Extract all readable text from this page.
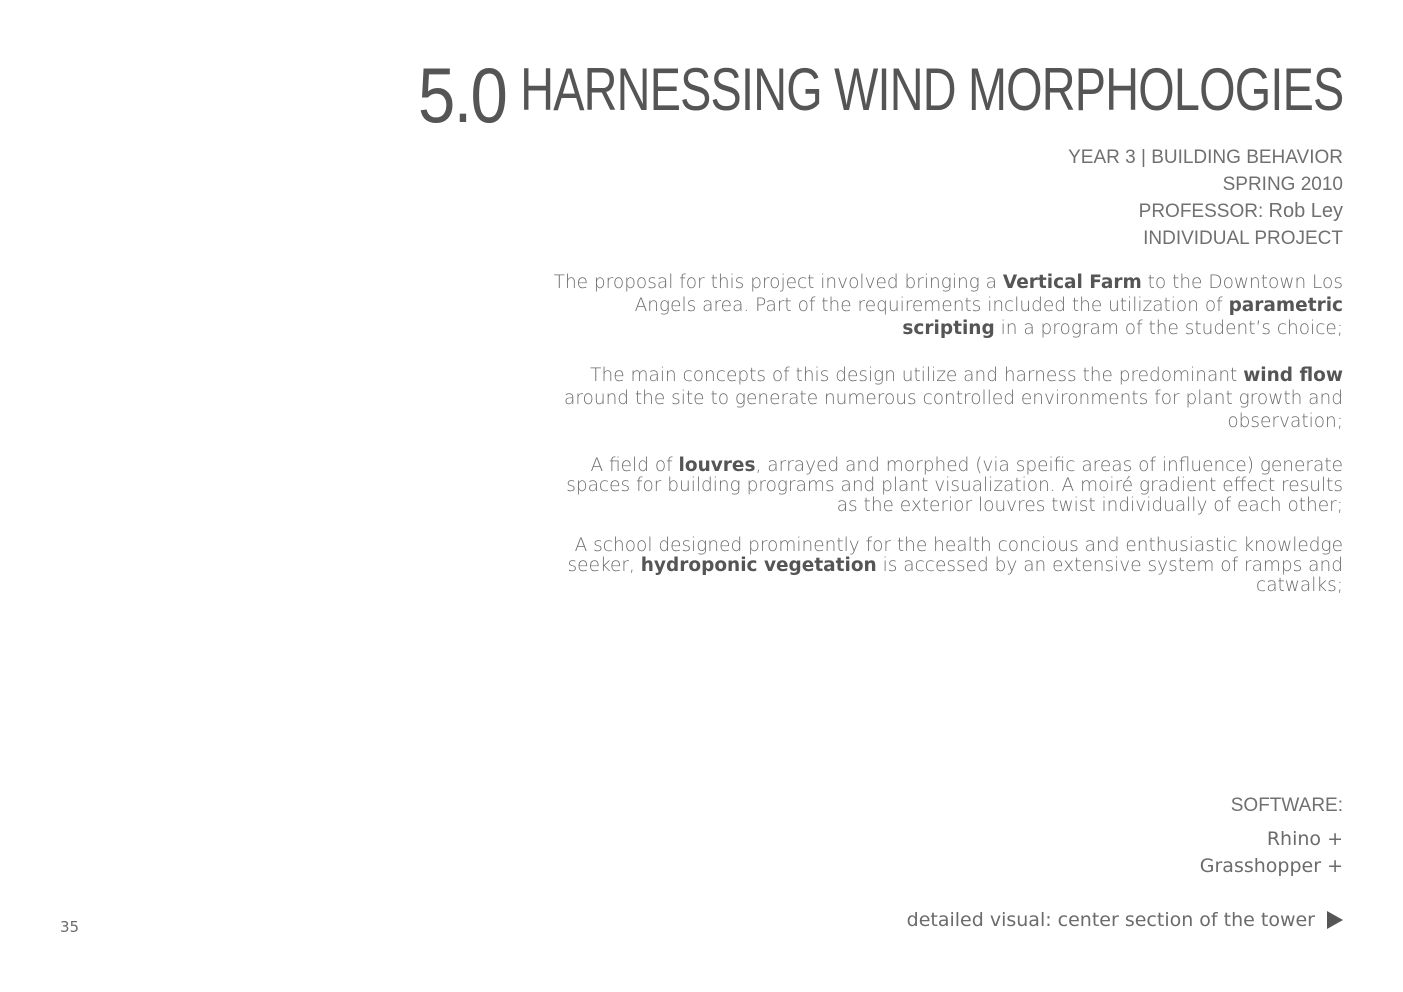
5.0 HARNESSING WIND MORPHOLOGIES
YEAR 3 | BUILDING BEHAVIOR
SPRING 2010
PROFESSOR: Rob Ley
INDIVIDUAL PROJECT

The proposal for this project involved bringing a Vertical Farm to the Downtown Los Angels area. Part of the requirements included the utilization of parametric scripting in a program of the student’s choice;

The main concepts of this design utilize and harness the predominant wind flow around the site to generate numerous controlled environments for plant growth and observation;

A field of louvres, arrayed and morphed (via speific areas of influence) generate spaces for building programs and plant visualization. A moiré gradient effect results as the exterior louvres twist individually of each other;

A school designed prominently for the health concious and enthusiastic knowledge seeker, hydroponic vegetation is accessed by an extensive system of ramps and catwalks;

SOFTWARE:
Rhino +
Grasshopper +
35	detailed visual: center section of the tower
